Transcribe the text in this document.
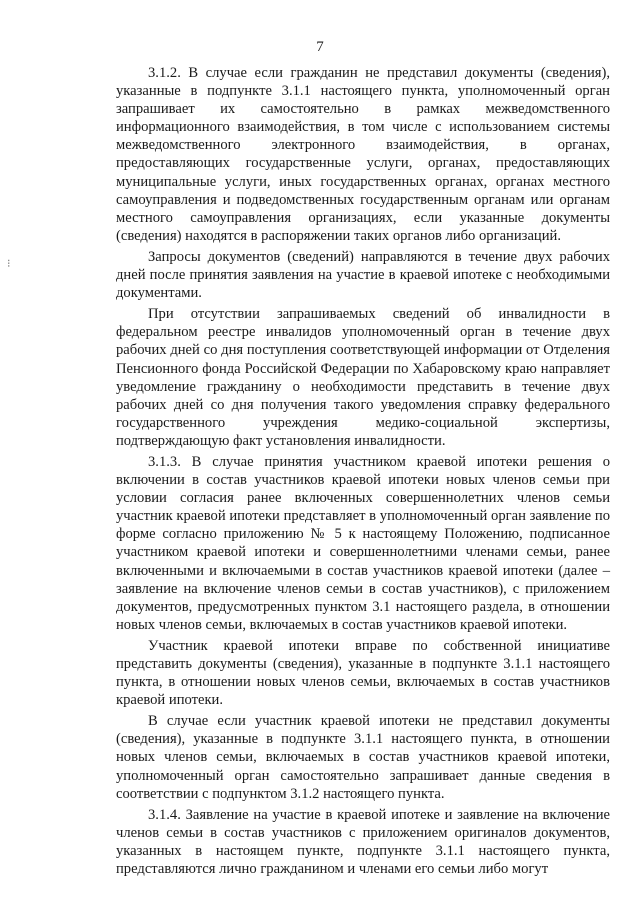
7
⁝

3.1.2. В случае если гражданин не представил документы (сведения), указанные в подпункте 3.1.1 настоящего пункта, уполномоченный орган запрашивает их самостоятельно в рамках межведомственного информационного взаимодействия, в том числе с использованием системы межведомственного электронного взаимодействия, в органах, предоставляющих государственные услуги, органах, предоставляющих муниципальные услуги, иных государственных органах, органах местного самоуправления и подведомственных государственным органам или органам местного самоуправления организациях, если указанные документы (сведения) находятся в распоряжении таких органов либо организаций.

Запросы документов (сведений) направляются в течение двух рабочих дней после принятия заявления на участие в краевой ипотеке с необходимыми документами.

При отсутствии запрашиваемых сведений об инвалидности в федеральном реестре инвалидов уполномоченный орган в течение двух рабочих дней со дня поступления соответствующей информации от Отделения Пенсионного фонда Российской Федерации по Хабаровскому краю направляет уведомление гражданину о необходимости представить в течение двух рабочих дней со дня получения такого уведомления справку федерального государственного учреждения медико-социальной экспертизы, подтверждающую факт установления инвалидности.

3.1.3. В случае принятия участником краевой ипотеки решения о включении в состав участников краевой ипотеки новых членов семьи при условии согласия ранее включенных совершеннолетних членов семьи участник краевой ипотеки представляет в уполномоченный орган заявление по форме согласно приложению № 5 к настоящему Положению, подписанное участником краевой ипотеки и совершеннолетними членами семьи, ранее включенными и включаемыми в состав участников краевой ипотеки (далее – заявление на включение членов семьи в состав участников), с приложением документов, предусмотренных пунктом 3.1 настоящего раздела, в отношении новых членов семьи, включаемых в состав участников краевой ипотеки.

Участник краевой ипотеки вправе по собственной инициативе представить документы (сведения), указанные в подпункте 3.1.1 настоящего пункта, в отношении новых членов семьи, включаемых в состав участников краевой ипотеки.

В случае если участник краевой ипотеки не представил документы (сведения), указанные в подпункте 3.1.1 настоящего пункта, в отношении новых членов семьи, включаемых в состав участников краевой ипотеки, уполномоченный орган самостоятельно запрашивает данные сведения в соответствии с подпунктом 3.1.2 настоящего пункта.

3.1.4. Заявление на участие в краевой ипотеке и заявление на включение членов семьи в состав участников с приложением оригиналов документов, указанных в настоящем пункте, подпункте 3.1.1 настоящего пункта, представляются лично гражданином и членами его семьи либо могут
